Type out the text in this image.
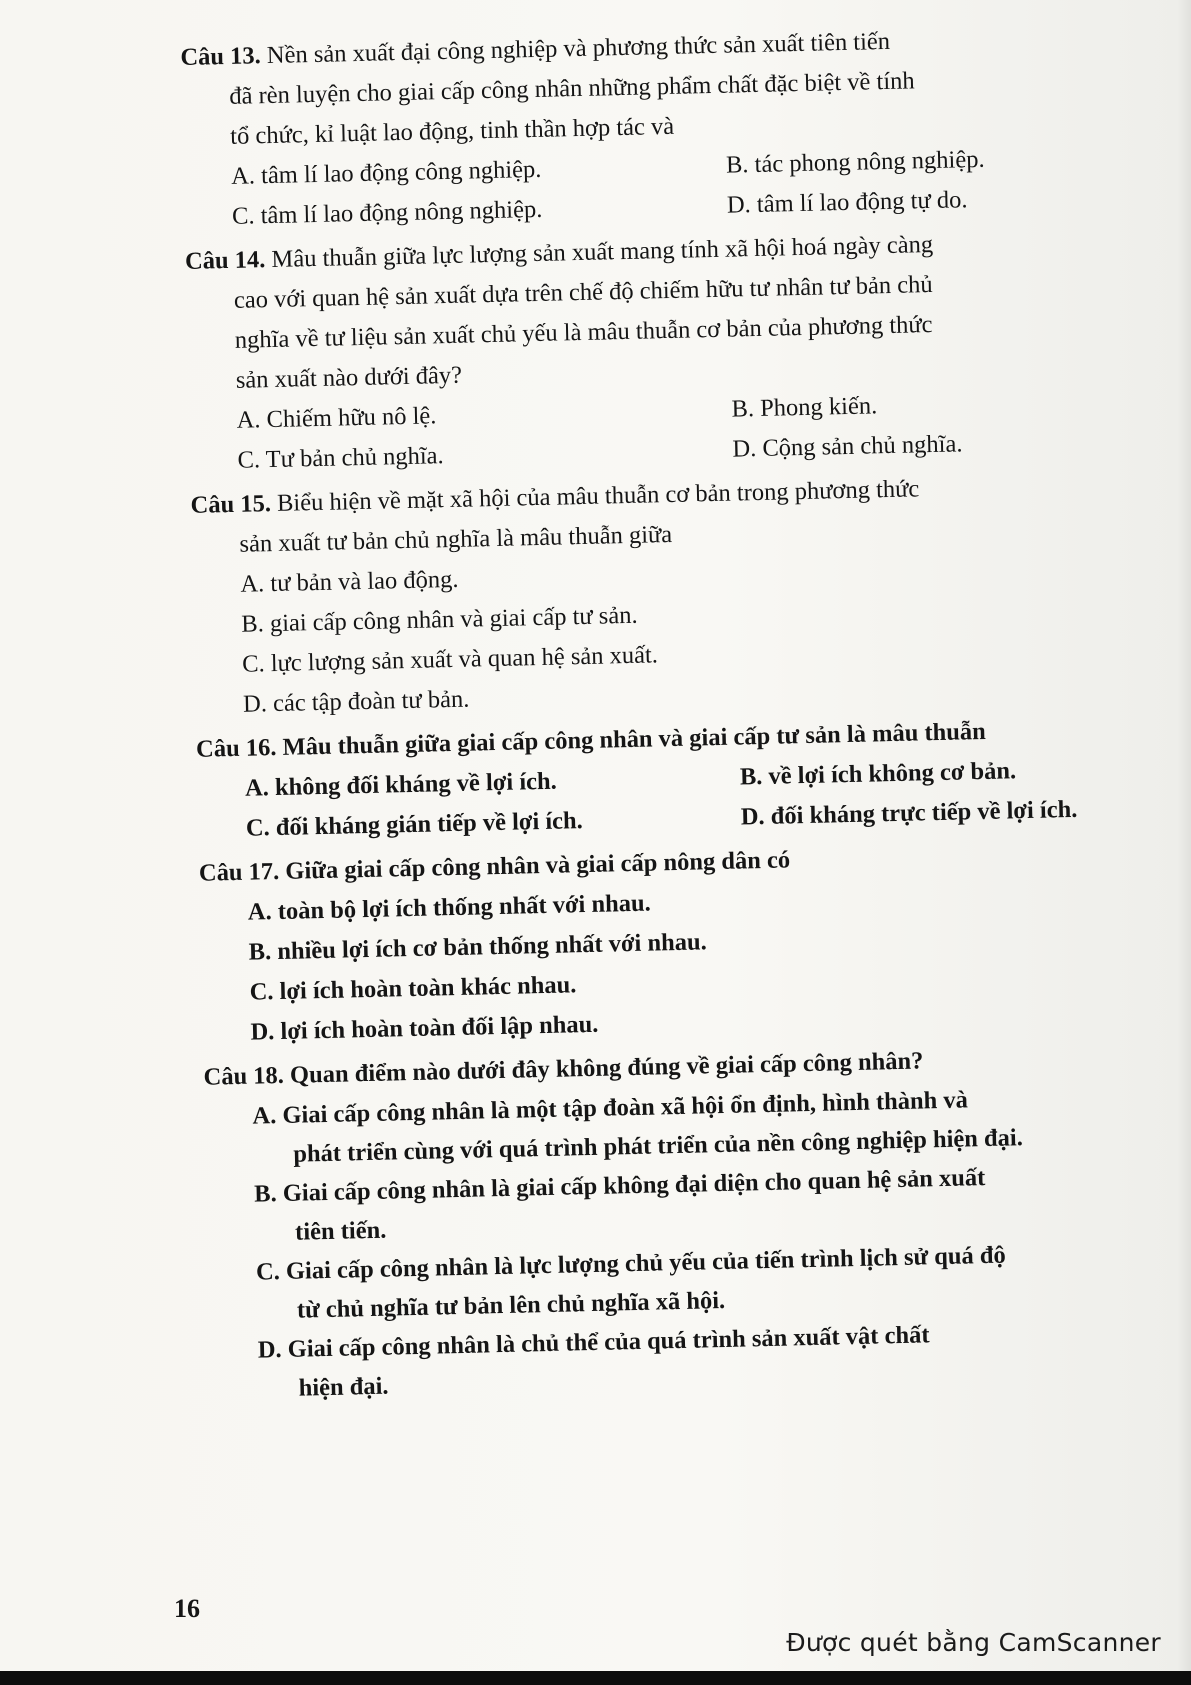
Câu 13. Nền sản xuất đại công nghiệp và phương thức sản xuất tiên tiến

đã rèn luyện cho giai cấp công nhân những phẩm chất đặc biệt về tính
tổ chức, kỉ luật lao động, tinh thần hợp tác và
A. tâm lí lao động công nghiệp.	B. tác phong nông nghiệp.
C. tâm lí lao động nông nghiệp.	D. tâm lí lao động tự do.

Câu 14. Mâu thuẫn giữa lực lượng sản xuất mang tính xã hội hoá ngày càng

cao với quan hệ sản xuất dựa trên chế độ chiếm hữu tư nhân tư bản chủ
nghĩa về tư liệu sản xuất chủ yếu là mâu thuẫn cơ bản của phương thức
sản xuất nào dưới đây?
A. Chiếm hữu nô lệ.	B. Phong kiến.
C. Tư bản chủ nghĩa.	D. Cộng sản chủ nghĩa.

Câu 15. Biểu hiện về mặt xã hội của mâu thuẫn cơ bản trong phương thức

sản xuất tư bản chủ nghĩa là mâu thuẫn giữa
A. tư bản và lao động.
B. giai cấp công nhân và giai cấp tư sản.
C. lực lượng sản xuất và quan hệ sản xuất.
D. các tập đoàn tư bản.

Câu 16. Mâu thuẫn giữa giai cấp công nhân và giai cấp tư sản là mâu thuẫn

A. không đối kháng về lợi ích.	B. về lợi ích không cơ bản.
C. đối kháng gián tiếp về lợi ích.	D. đối kháng trực tiếp về lợi ích.

Câu 17. Giữa giai cấp công nhân và giai cấp nông dân có

A. toàn bộ lợi ích thống nhất với nhau.
B. nhiều lợi ích cơ bản thống nhất với nhau.
C. lợi ích hoàn toàn khác nhau.
D. lợi ích hoàn toàn đối lập nhau.

Câu 18. Quan điểm nào dưới đây không đúng về giai cấp công nhân?

A. Giai cấp công nhân là một tập đoàn xã hội ổn định, hình thành và
phát triển cùng với quá trình phát triển của nền công nghiệp hiện đại.
B. Giai cấp công nhân là giai cấp không đại diện cho quan hệ sản xuất
tiên tiến.
C. Giai cấp công nhân là lực lượng chủ yếu của tiến trình lịch sử quá độ
từ chủ nghĩa tư bản lên chủ nghĩa xã hội.
D. Giai cấp công nhân là chủ thể của quá trình sản xuất vật chất
hiện đại.
16
Được quét bằng CamScanner
